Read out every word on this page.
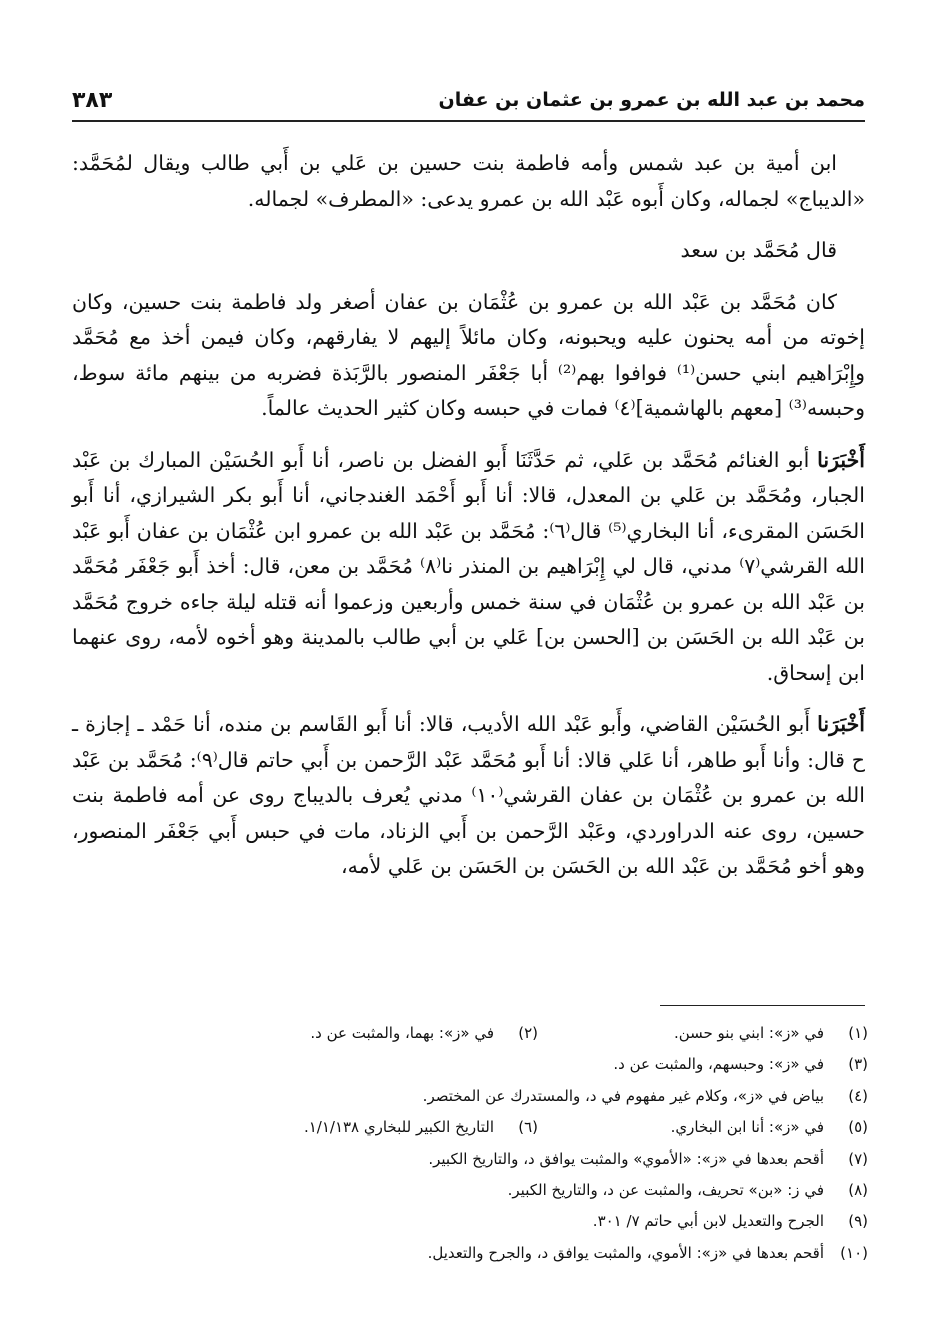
محمد بن عبد الله بن عمرو بن عثمان بن عفان
٣٨٣

ابن أمية بن عبد شمس وأمه فاطمة بنت حسين بن عَلي بن أَبي طالب ويقال لمُحَمَّد: «الديباج» لجماله، وكان أَبوه عَبْد الله بن عمرو يدعى: «المطرف» لجماله.

قال مُحَمَّد بن سعد

كان مُحَمَّد بن عَبْد الله بن عمرو بن عُثْمَان بن عفان أصغر ولد فاطمة بنت حسين، وكان إخوته من أمه يحنون عليه ويحبونه، وكان مائلاً إليهم لا يفارقهم، وكان فيمن أخذ مع مُحَمَّد وإِبْرَاهيم ابني حسن⁽¹⁾ فوافوا بهم⁽²⁾ أبا جَعْفَر المنصور بالرَّبَذة فضربه من بينهم مائة سوط، وحبسه⁽³⁾ [معهم بالهاشمية]⁽٤⁾ فمات في حبسه وكان كثير الحديث عالماً.

أَخْبَرَنا أبو الغنائم مُحَمَّد بن عَلي، ثم حَدَّثَنَا أَبو الفضل بن ناصر، أنا أَبو الحُسَيْن المبارك بن عَبْد الجبار، ومُحَمَّد بن عَلي بن المعدل، قالا: أنا أَبو أَحْمَد الغندجاني، أنا أَبو بكر الشيرازي، أنا أَبو الحَسَن المقرىء، أنا البخاري⁽⁵⁾ قال⁽٦⁾: مُحَمَّد بن عَبْد الله بن عمرو ابن عُثْمَان بن عفان أَبو عَبْد الله القرشي⁽٧⁾ مدني، قال لي إِبْرَاهيم بن المنذر نا⁽٨⁾ مُحَمَّد بن معن، قال: أخذ أَبو جَعْفَر مُحَمَّد بن عَبْد الله بن عمرو بن عُثْمَان في سنة خمس وأربعين وزعموا أنه قتله ليلة جاءه خروج مُحَمَّد بن عَبْد الله بن الحَسَن بن [الحسن بن] عَلي بن أبي طالب بالمدينة وهو أخوه لأمه، روى عنهما ابن إسحاق.

أَخْبَرَنا أَبو الحُسَيْن القاضي، وأَبو عَبْد الله الأديب، قالا: أنا أَبو القَاسم بن منده، أنا حَمْد ـ إجازة ـ ح قال: وأنا أَبو طاهر، أنا عَلي قالا: أنا أَبو مُحَمَّد عَبْد الرَّحمن بن أَبي حاتم قال⁽٩⁾: مُحَمَّد بن عَبْد الله بن عمرو بن عُثْمَان بن عفان القرشي⁽١٠⁾ مدني يُعرف بالديباج روى عن أمه فاطمة بنت حسين، روى عنه الدراوردي، وعَبْد الرَّحمن بن أَبي الزناد، مات في حبس أَبي جَعْفَر المنصور، وهو أخو مُحَمَّد بن عَبْد الله بن الحَسَن بن الحَسَن بن عَلي لأمه،

(١)
في «ز»: ابني بنو حسن.
(٢)
في «ز»: بهما، والمثبت عن د.
(٣)
في «ز»: وحبسهم، والمثبت عن د.
(٤)
بياض في «ز»، وكلام غير مفهوم في د، والمستدرك عن المختصر.
(٥)
في «ز»: أنا ابن البخاري.
(٦)
التاريخ الكبير للبخاري ١/١/١٣٨.
(٧)
أقحم بعدها في «ز»: «الأموي» والمثبت يوافق د، والتاريخ الكبير.
(٨)
في ز: «بن» تحريف، والمثبت عن د، والتاريخ الكبير.
(٩)
الجرح والتعديل لابن أبي حاتم ٧/ ٣٠١.
(١٠)
أقحم بعدها في «ز»: الأموي، والمثبت يوافق د، والجرح والتعديل.
